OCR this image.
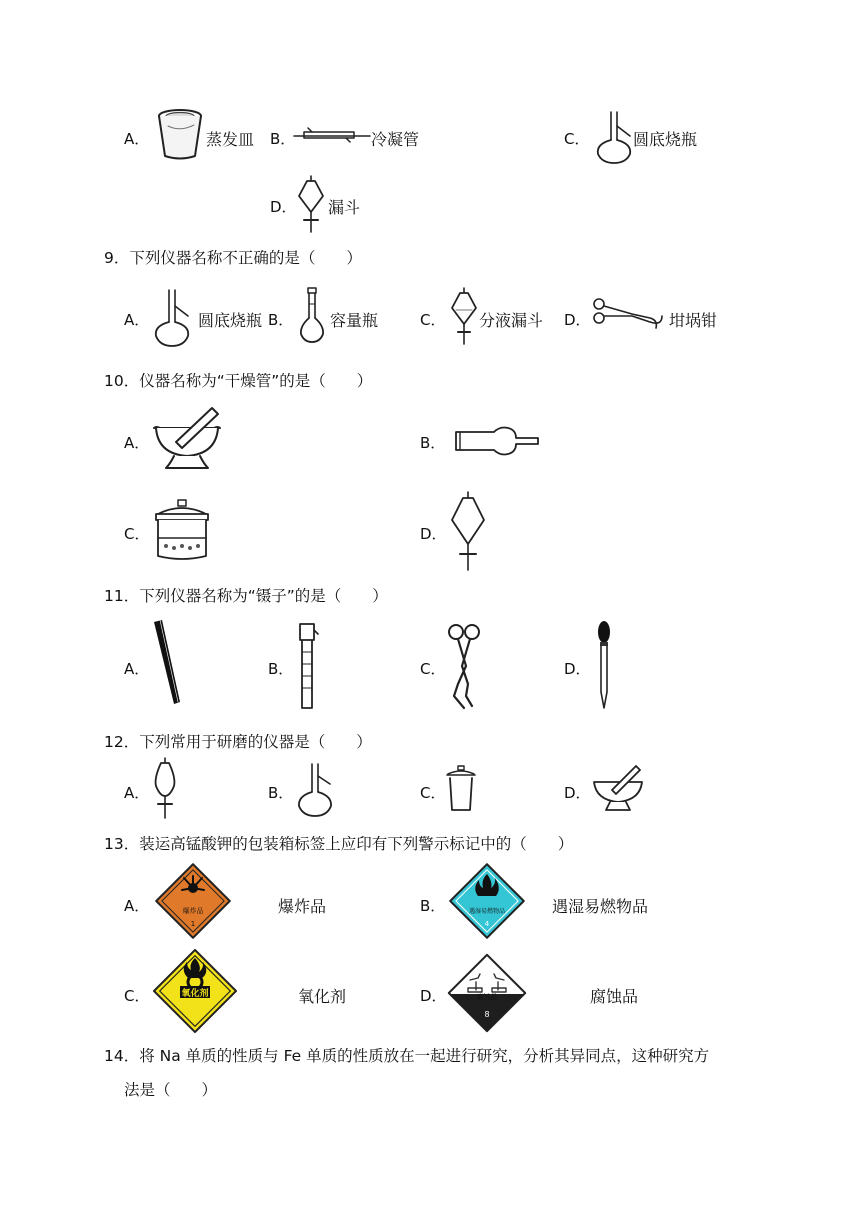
A．	蒸发皿 B．	冷凝管	C．	圆底烧瓶
D． 漏斗
9．下列仪器名称不正确的是（　　）
A．	圆底烧瓶 B． 容量瓶	C． 分液漏斗 D．	坩埚钳
10．仪器名称为“干燥管”的是（　　）
A．	B．
C．	D．
11．下列仪器名称为“镊子”的是（　　）
A．	B．	C．	D．
12．下列常用于研磨的仪器是（　　）
A．	B．	C．	D．
13．装运高锰酸钾的包装箱标签上应印有下列警示标记中的（　　）
A．	爆炸品
1
爆炸品	B．	遇湿易燃物品
4
遇湿易燃物品
C．	氧化剂	氧化剂	D．	腐蚀品
8
腐蚀品
14．将 Na 单质的性质与 Fe 单质的性质放在一起进行研究，分析其异同点，这种研究方
法是（　　）
